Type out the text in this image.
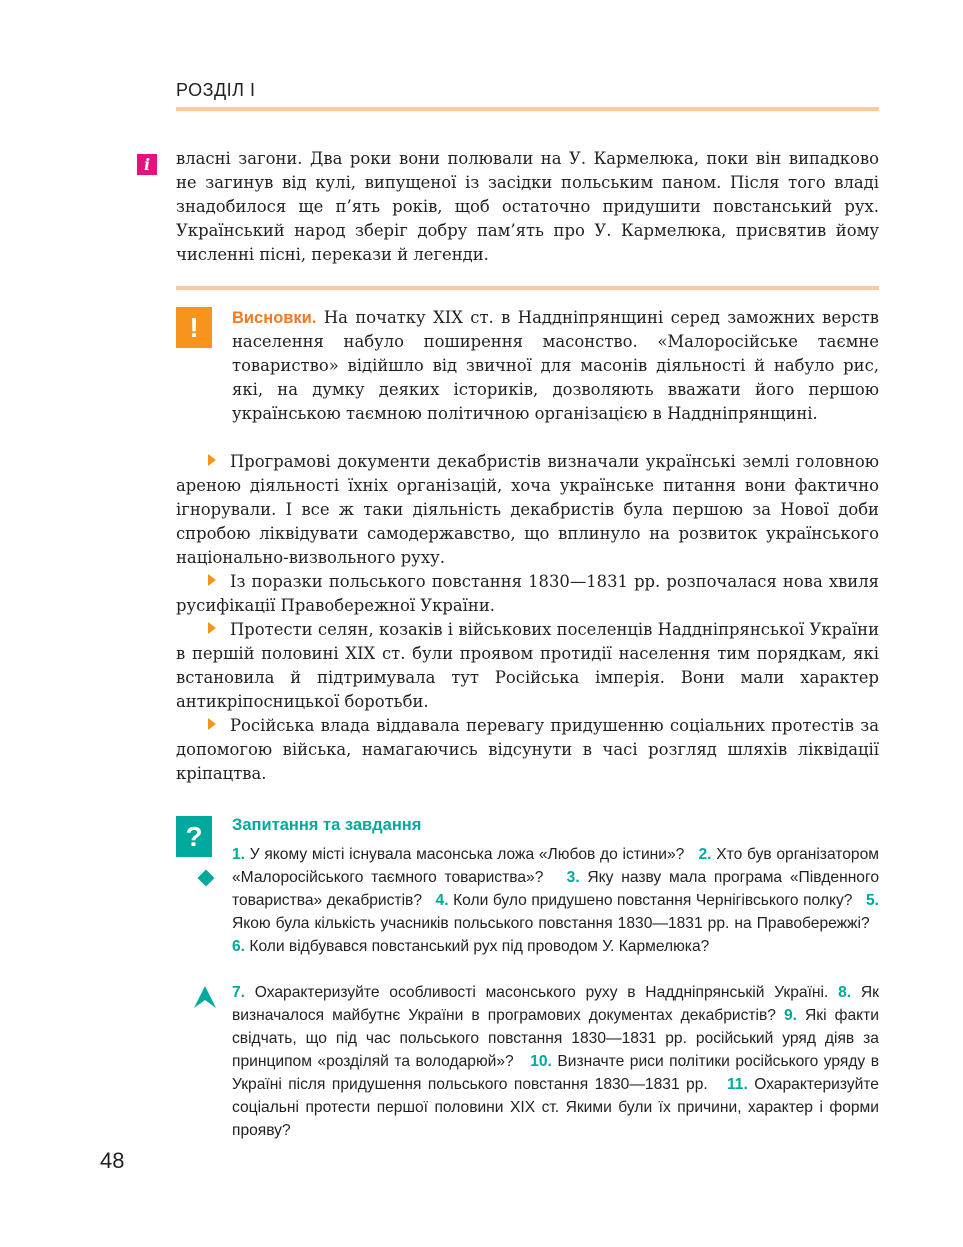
РОЗДІЛ І
i	власні загони. Два роки вони полювали на У. Кармелюка, поки він випадково не загинув від кулі, випущеної із засідки польським паном. Після того владі знадобилося ще п’ять років, щоб остаточно придушити повстанський рух. Український народ зберіг добру пам’ять про У. Кармелюка, присвятив йому численні пісні, перекази й легенди.

!	Висновки. На початку XIX ст. в Наддніпрянщині серед заможних верств населення набуло поширення масонство. «Малоросійське таємне товариство» відійшло від звичної для масонів діяльності й набуло рис, які, на думку деяких істориків, дозволяють вважати його першою українською таємною політичною організацією в Наддніпрянщині.

Програмові документи декабристів визначали українські землі головною ареною діяльності їхніх організацій, хоча українське питання вони фактично ігнорували. І все ж таки діяльність декабристів була першою за Нової доби спробою ліквідувати самодержавство, що вплинуло на розвиток українського національно-визвольного руху.

Із поразки польського повстання 1830—1831 рр. розпочалася нова хвиля русифікації Правобережної України.

Протести селян, козаків і військових поселенців Наддніпрянської України в першій половині XIX ст. були проявом протидії населення тим порядкам, які встановила й підтримувала тут Російська імперія. Вони мали характер антикріпосницької боротьби.

Російська влада віддавала перевагу придушенню соціальних протестів за допомогою війська, намагаючись відсунути в часі розгляд шляхів ліквідації кріпацтва.

?	Запитання та завдання

1. У якому місті існувала масонська ложа «Любов до істини»? 2. Хто був організатором «Малоросійського таємного товариства»? 3. Яку назву мала програма «Південного товариства» декабристів? 4. Коли було придушено повстання Чернігівського полку? 5. Якою була кількість учасників польського повстання 1830—1831 рр. на Правобережжі?   6. Коли відбувався повстанський рух під проводом У. Кармелюка?

7. Охарактеризуйте особливості масонського руху в Наддніпрянській Україні. 8. Як визначалося майбутнє України в програмових документах декабристів? 9. Які факти свідчать, що під час польського повстання 1830—1831 рр. російський уряд діяв за принципом «розділяй та володарюй»? 10. Визначте риси політики російського уряду в Україні після придушення польського повстання 1830—1831 рр. 11. Охарактеризуйте соціальні протести першої половини XIX ст. Якими були їх причини, характер і форми прояву?

48
